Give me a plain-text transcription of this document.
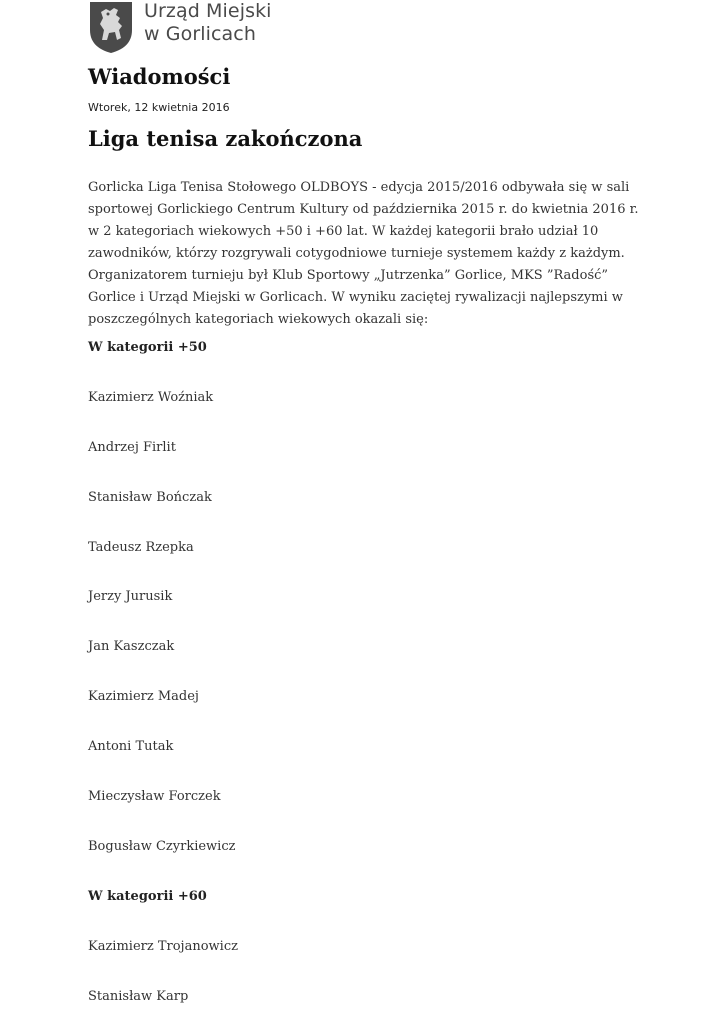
Urząd Miejski
w Gorlicach
Wiadomości

Wtorek, 12 kwietnia 2016

Liga tenisa zakończona

Gorlicka Liga Tenisa Stołowego OLDBOYS - edycja 2015/2016 odbywała się w sali sportowej Gorlickiego Centrum Kultury od października 2015 r. do kwietnia 2016 r. w 2 kategoriach wiekowych +50 i +60 lat. W każdej kategorii brało udział 10 zawodników, którzy rozgrywali cotygodniowe turnieje systemem każdy z każdym. Organizatorem turnieju był Klub Sportowy „Jutrzenka” Gorlice, MKS ”Radość” Gorlice i Urząd Miejski w Gorlicach. W wyniku zaciętej rywalizacji najlepszymi w poszczególnych kategoriach wiekowych okazali się:

W kategorii +50
Kazimierz Woźniak
Andrzej Firlit
Stanisław Bończak
Tadeusz Rzepka
Jerzy Jurusik
Jan Kaszczak
Kazimierz Madej
Antoni Tutak
Mieczysław Forczek
Bogusław Czyrkiewicz
W kategorii +60
Kazimierz Trojanowicz
Stanisław Karp
